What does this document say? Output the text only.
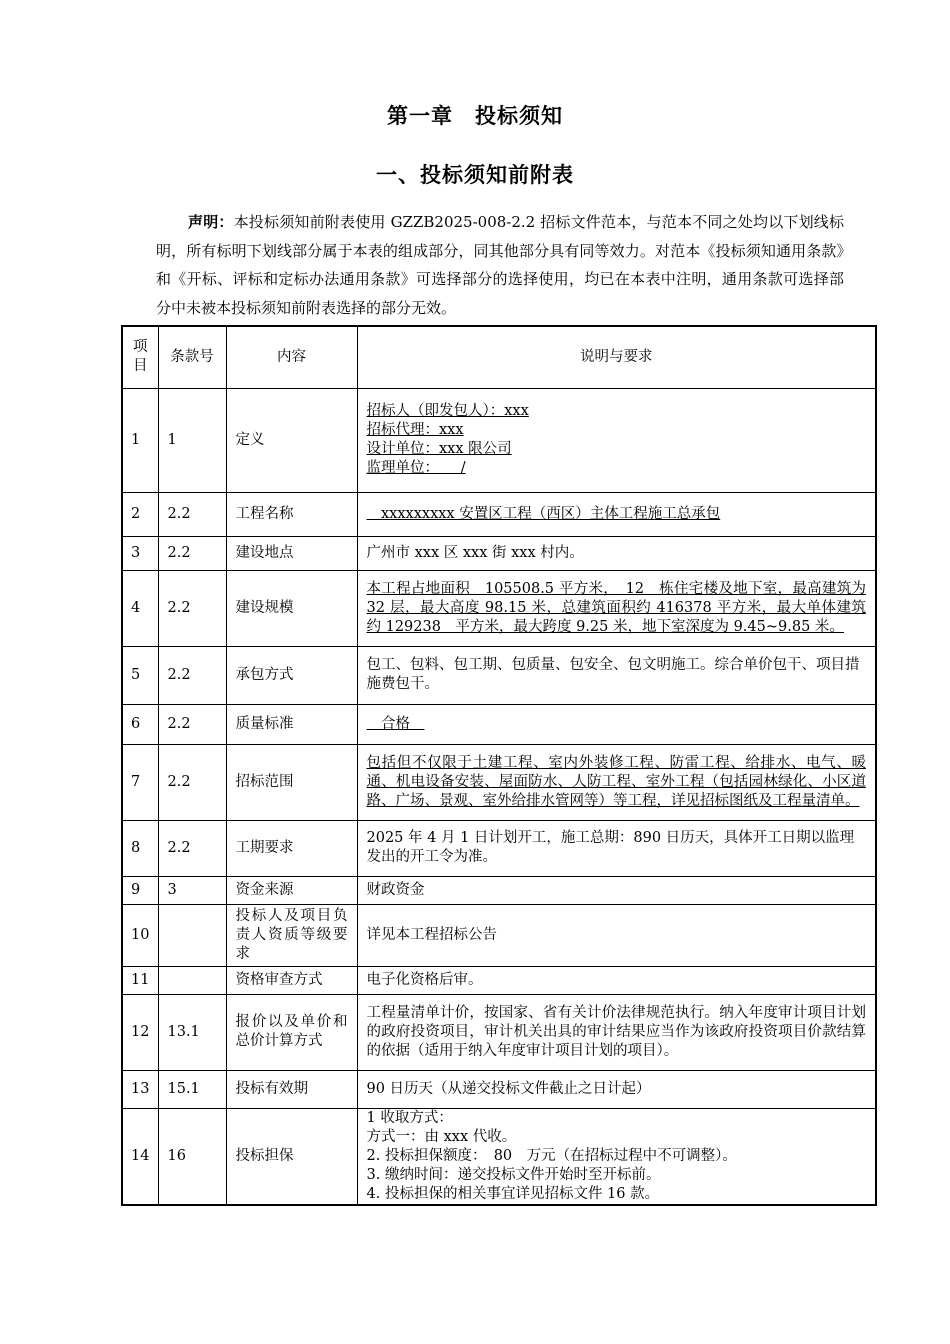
第一章　投标须知
一、投标须知前附表
声明：本投标须知前附表使用 GZZB2025-008-2.2 招标文件范本，与范本不同之处均以下划线标明，所有标明下划线部分属于本表的组成部分，同其他部分具有同等效力。对范本《投标须知通用条款》和《开标、评标和定标办法通用条款》可选择部分的选择使用，均已在本表中注明，通用条款可选择部分中未被本投标须知前附表选择的部分无效。
项目	条款号	内容	说明与要求
1	1	定义	招标人（即发包人）：xxx
招标代理：xxx
设计单位：xxx 限公司
监理单位：　　/

2	2.2	工程名称	　xxxxxxxxx 安置区工程（西区）主体工程施工总承包

3	2.2	建设地点	广州市 xxx 区 xxx 街 xxx 村内。

4	2.2	建设规模	本工程占地面积　105508.5 平方米，　12　栋住宅楼及地下室，最高建筑为 32 层，最大高度 98.15 米，总建筑面积约 416378 平方米，最大单体建筑约 129238　平方米，最大跨度 9.25 米，地下室深度为 9.45~9.85 米。

5	2.2	承包方式	包工、包料、包工期、包质量、包安全、包文明施工。综合单价包干、项目措施费包干。

6	2.2	质量标准	　合格　

7	2.2	招标范围	包括但不仅限于土建工程、室内外装修工程、防雷工程、给排水、电气、暖通、机电设备安装、屋面防水、人防工程、室外工程（包括园林绿化、小区道路、广场、景观、室外给排水管网等）等工程，详见招标图纸及工程量清单。

8	2.2	工期要求	2025 年 4 月 1 日计划开工，施工总期：890 日历天，具体开工日期以监理发出的开工令为准。

9	3	资金来源	财政资金

10		投标人及项目负责人资质等级要求	详见本工程招标公告

11		资格审查方式	电子化资格后审。

12	13.1	报价以及单价和总价计算方式	工程量清单计价，按国家、省有关计价法律规范执行。纳入年度审计项目计划的政府投资项目，审计机关出具的审计结果应当作为该政府投资项目价款结算的依据（适用于纳入年度审计项目计划的项目）。

13	15.1	投标有效期	90 日历天（从递交投标文件截止之日计起）

14	16	投标担保	1 收取方式：
方式一：由 xxx 代收。
2. 投标担保额度：　80　万元（在招标过程中不可调整）。
3. 缴纳时间：递交投标文件开始时至开标前。
4. 投标担保的相关事宜详见招标文件 16 款。
